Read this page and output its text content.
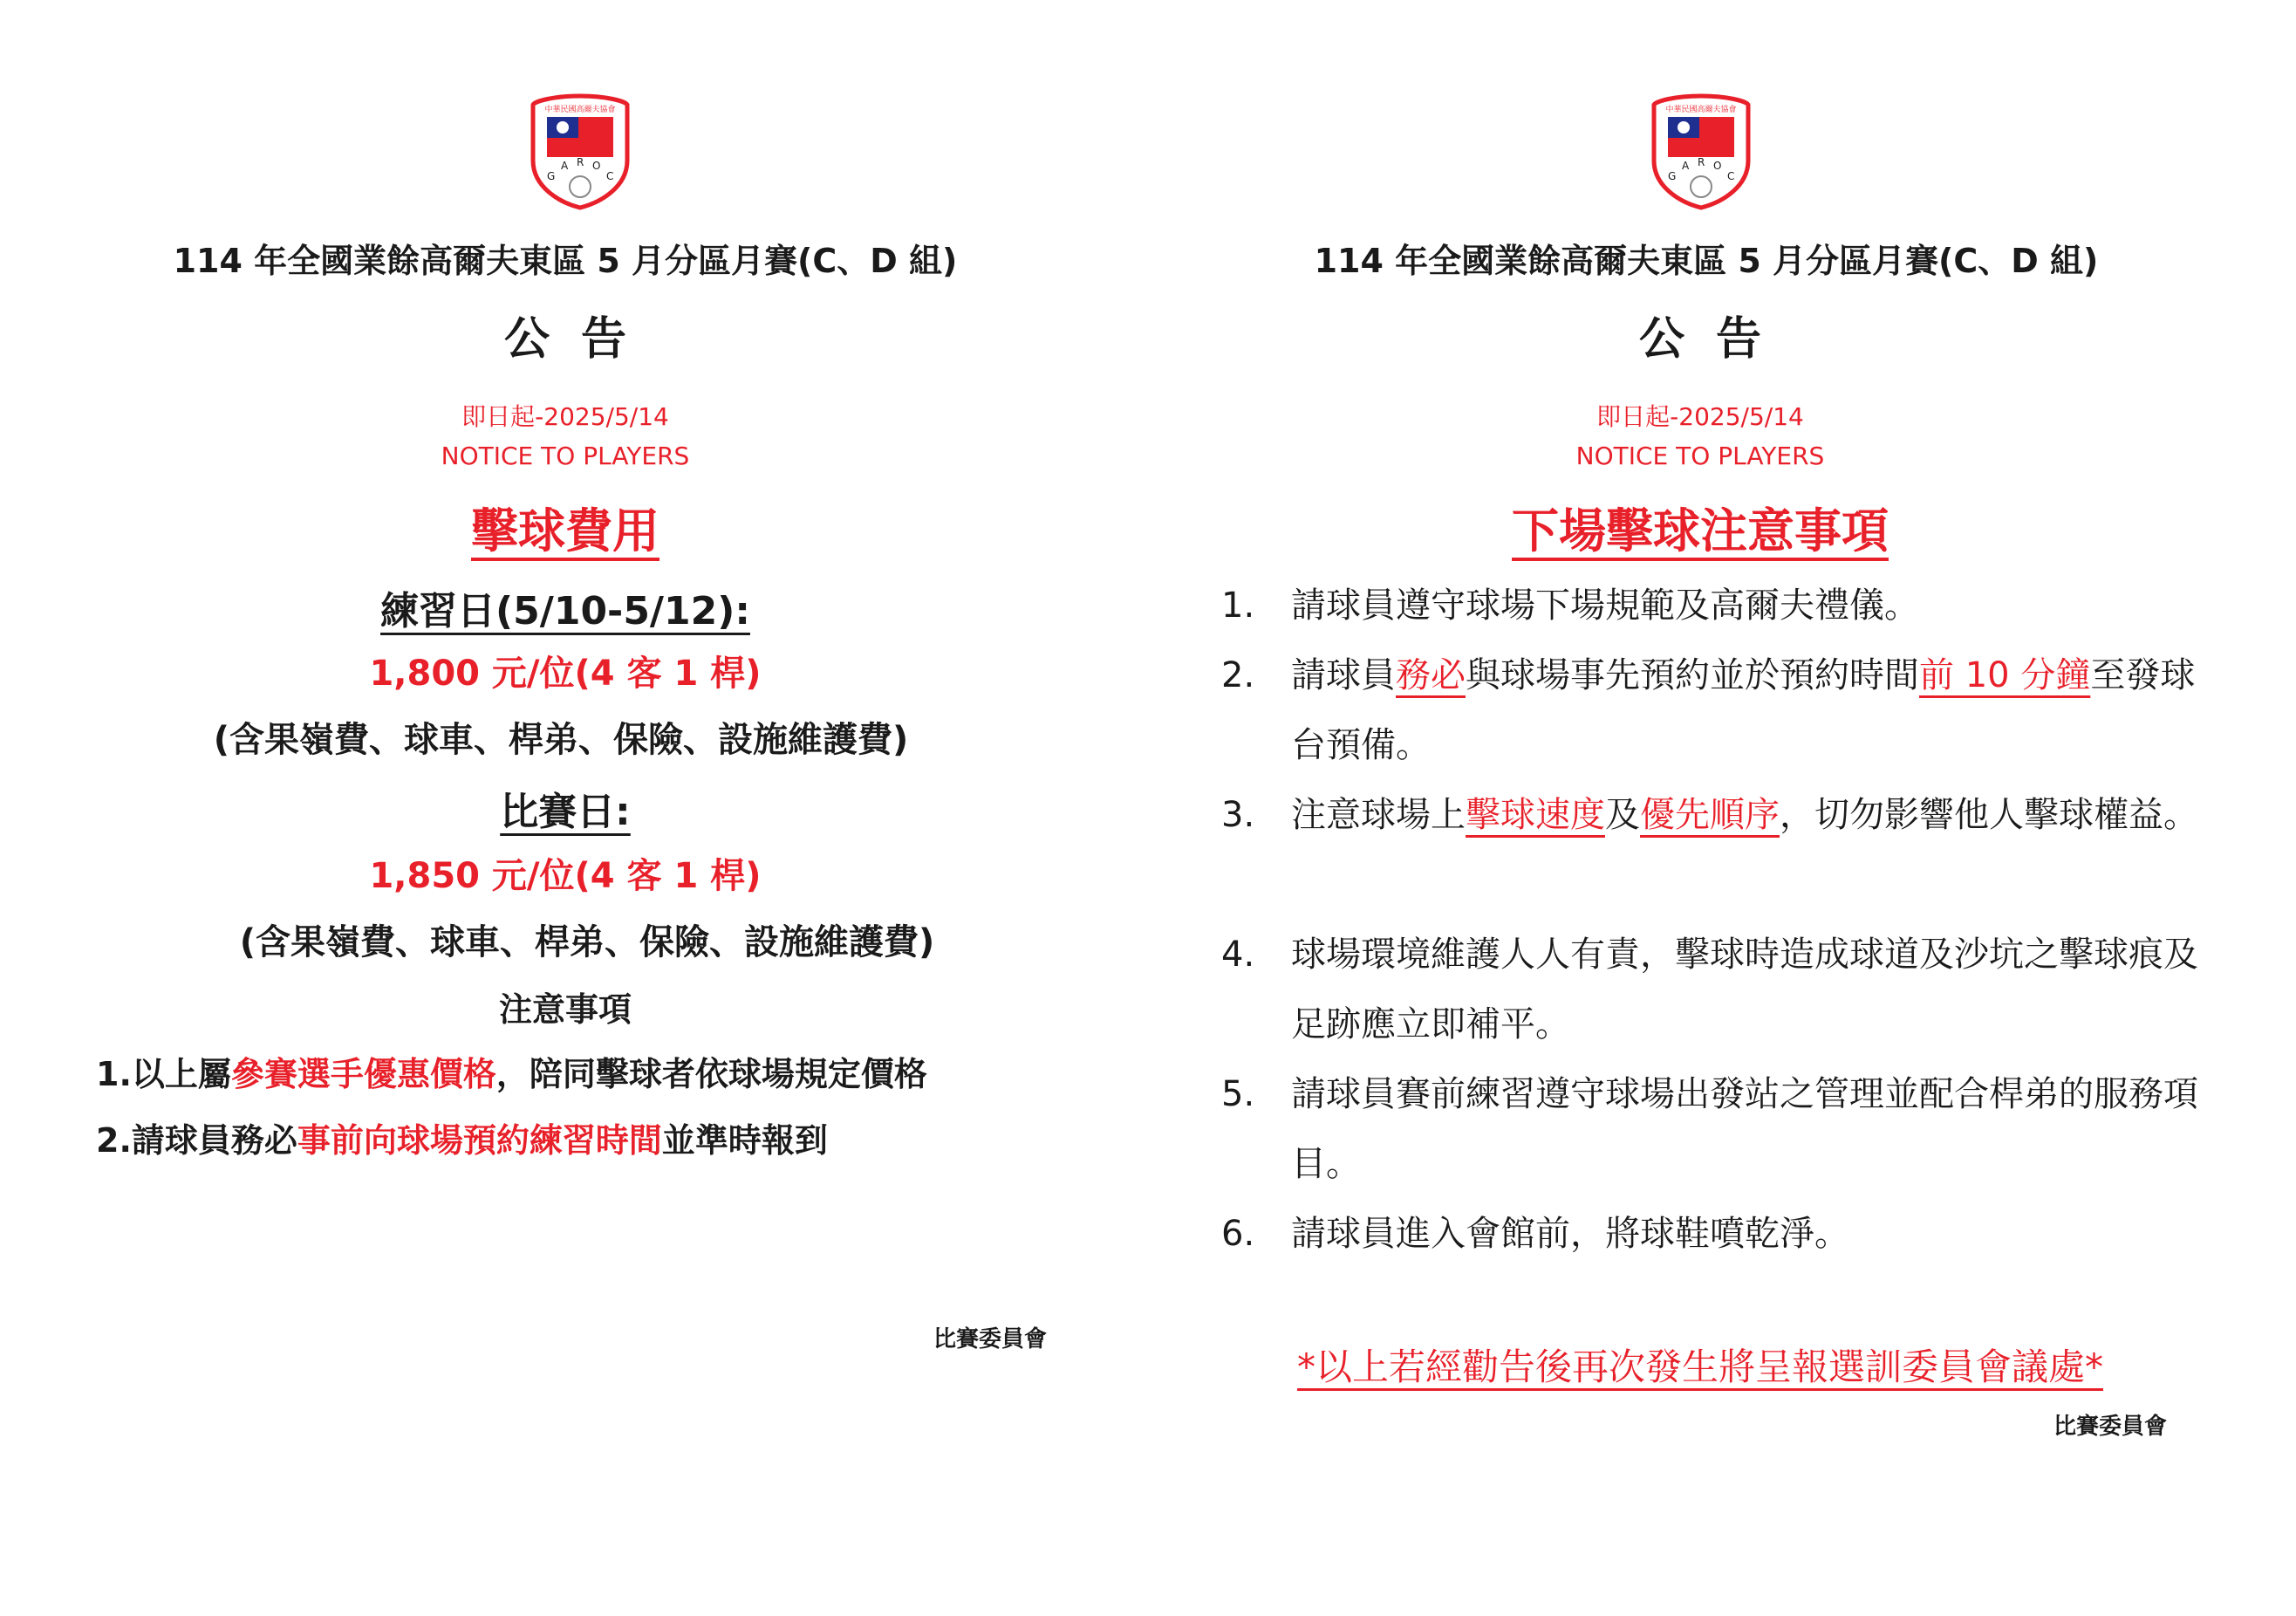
中華民國高爾夫協會
G
A R O
C
114 年全國業餘高爾夫東區 5 月分區月賽(C、D 組)
公告
即日起-2025/5/14
NOTICE TO PLAYERS
擊球費用
練習日(5/10-5/12):
1,800 元/位(4 客 1 桿)
(含果嶺費、球車、桿弟、保險、設施維護費)
比賽日:
1,850 元/位(4 客 1 桿)
(含果嶺費、球車、桿弟、保險、設施維護費)
注意事項
1.以上屬參賽選手優惠價格，陪同擊球者依球場規定價格
2.請球員務必事前向球場預約練習時間並準時報到
比賽委員會
中華民國高爾夫協會
G
A R O
C
114 年全國業餘高爾夫東區 5 月分區月賽(C、D 組)
公告
即日起-2025/5/14
NOTICE TO PLAYERS
下場擊球注意事項
1.	請球員遵守球場下場規範及高爾夫禮儀。
2.	請球員務必與球場事先預約並於預約時間前 10 分鐘至發球台預備。
3.	注意球場上擊球速度及優先順序，切勿影響他人擊球權益。
4.	球場環境維護人人有責，擊球時造成球道及沙坑之擊球痕及足跡應立即補平。
5.	請球員賽前練習遵守球場出發站之管理並配合桿弟的服務項目。
6.	請球員進入會館前，將球鞋噴乾淨。
*以上若經勸告後再次發生將呈報選訓委員會議處*
比賽委員會
